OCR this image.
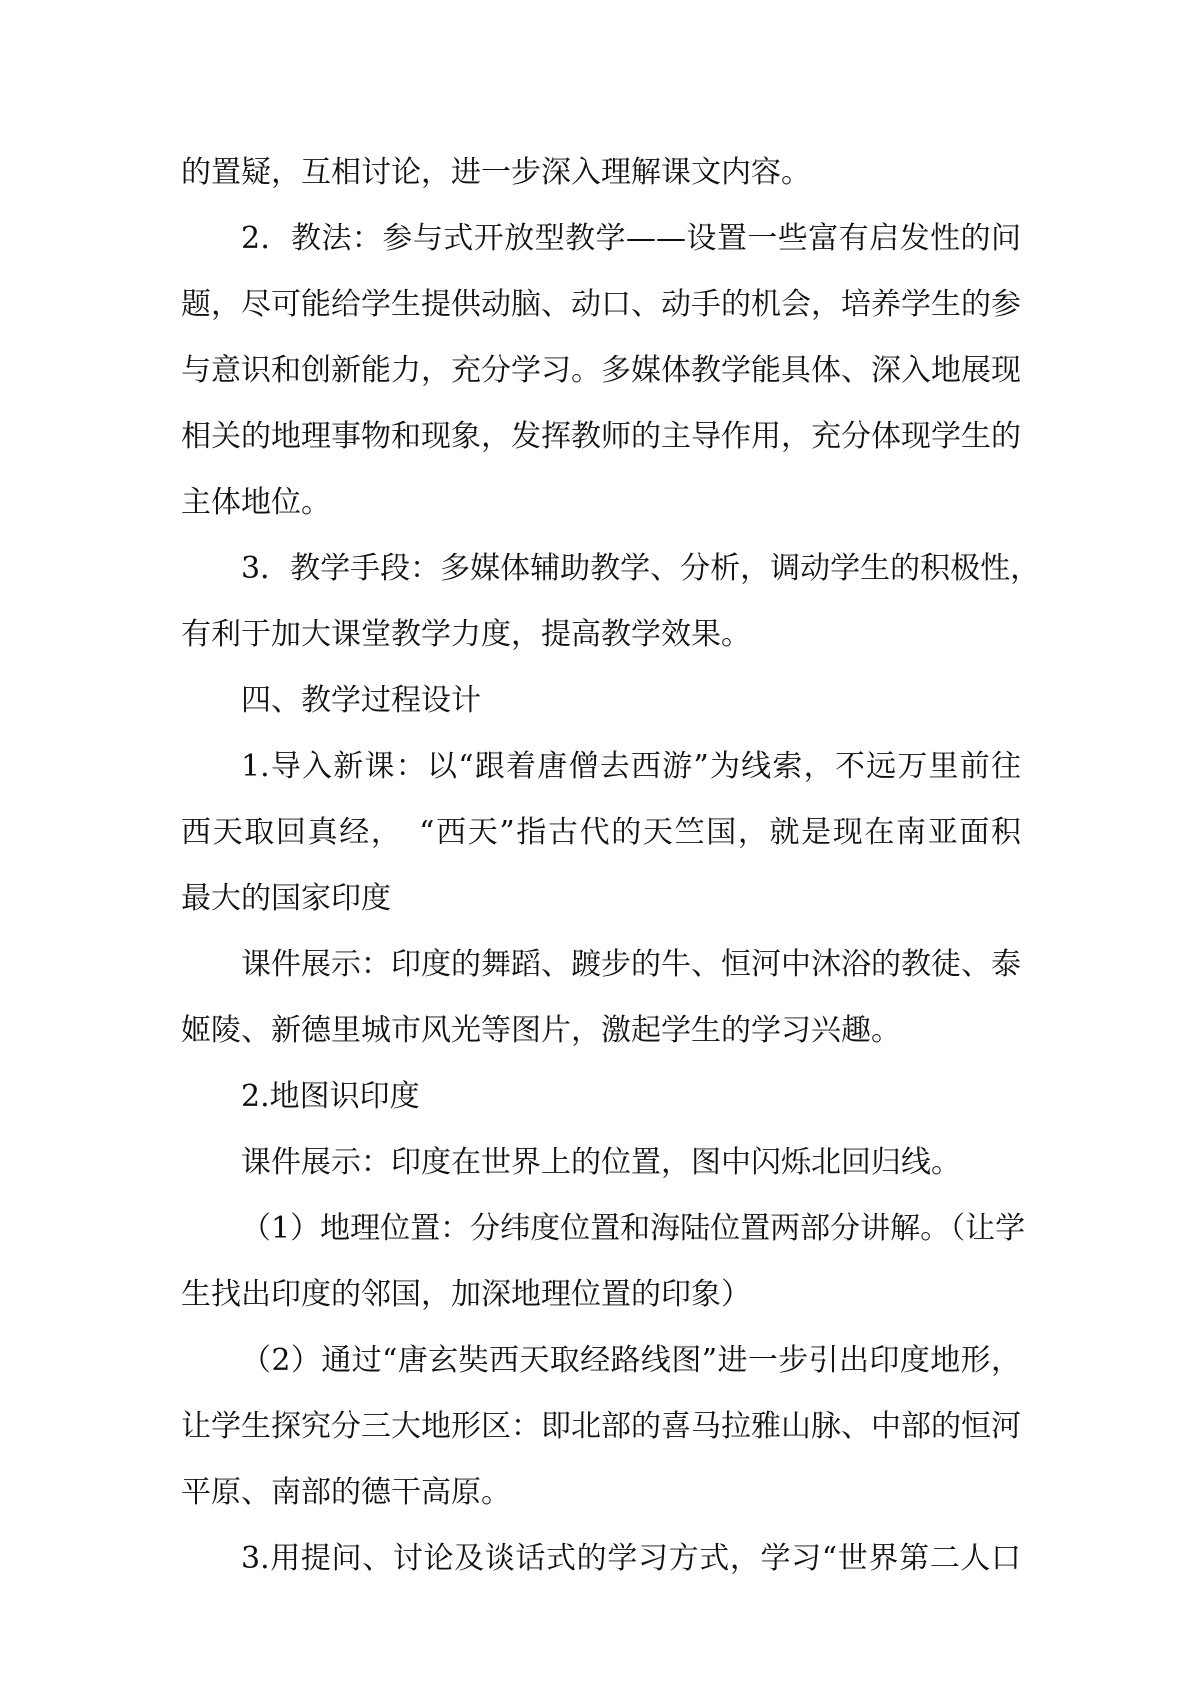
的置疑，互相讨论，进一步深入理解课文内容。
2．教法：参与式开放型教学——设置一些富有启发性的问
题，尽可能给学生提供动脑、动口、动手的机会，培养学生的参
与意识和创新能力，充分学习。多媒体教学能具体、深入地展现
相关的地理事物和现象，发挥教师的主导作用，充分体现学生的
主体地位。
3．教学手段：多媒体辅助教学、分析，调动学生的积极性，
有利于加大课堂教学力度，提高教学效果。
四、教学过程设计
1.导入新课：以“跟着唐僧去西游”为线索，不远万里前往
西天取回真经，　“西天”指古代的天竺国，就是现在南亚面积
最大的国家印度
课件展示：印度的舞蹈、踱步的牛、恒河中沐浴的教徒、泰
姬陵、新德里城市风光等图片，激起学生的学习兴趣。
2.地图识印度
课件展示：印度在世界上的位置，图中闪烁北回归线。
（1）地理位置：分纬度位置和海陆位置两部分讲解。（让学
生找出印度的邻国，加深地理位置的印象）
（2）通过“唐玄奘西天取经路线图”进一步引出印度地形，
让学生探究分三大地形区：即北部的喜马拉雅山脉、中部的恒河
平原、南部的德干高原。
3.用提问、讨论及谈话式的学习方式，学习“世界第二人口
